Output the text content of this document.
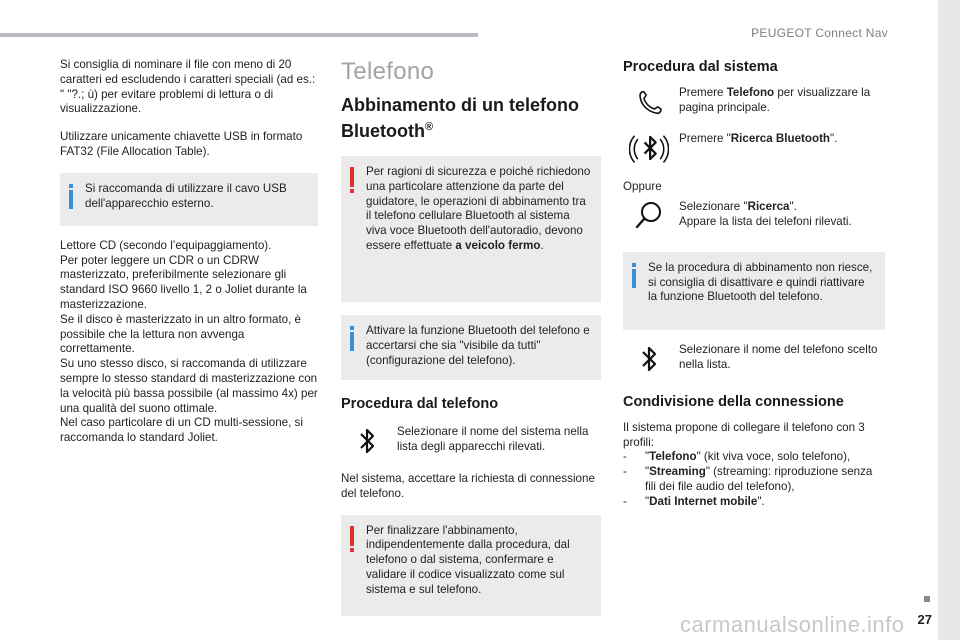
PEUGEOT Connect Nav
27
carmanualsonline.info

Si consiglia di nominare il file con meno di 20 caratteri ed escludendo i caratteri speciali (ad es.: " "?.; ù) per evitare problemi di lettura o di visualizzazione.

Utilizzare unicamente chiavette USB in formato FAT32 (File Allocation Table).

Si raccomanda di utilizzare il cavo USB dell'apparecchio esterno.

Lettore CD (secondo l’equipaggiamento).
Per poter leggere un CDR o un CDRW masterizzato, preferibilmente selezionare gli standard ISO 9660 livello 1, 2 o Joliet durante la masterizzazione.
Se il disco è masterizzato in un altro formato, è possibile che la lettura non avvenga correttamente.
Su uno stesso disco, si raccomanda di utilizzare sempre lo stesso standard di masterizzazione con la velocità più bassa possibile (al massimo 4x) per una qualità del suono ottimale.
Nel caso particolare di un CD multi-sessione, si raccomanda lo standard Joliet.

Telefono
Abbinamento di un telefono Bluetooth®
Per ragioni di sicurezza e poiché richiedono una particolare attenzione da parte del guidatore, le operazioni di abbinamento tra il telefono cellulare Bluetooth al sistema viva voce Bluetooth dell'autoradio, devono essere effettuate a veicolo fermo.
Attivare la funzione Bluetooth del telefono e accertarsi che sia "visibile da tutti" (configurazione del telefono).
Procedura dal telefono
Selezionare il nome del sistema nella lista degli apparecchi rilevati.

Nel sistema, accettare la richiesta di connessione del telefono.

Per finalizzare l'abbinamento, indipendentemente dalla procedura, dal telefono o dal sistema, confermare e validare il codice visualizzato come sul sistema e sul telefono.
Procedura dal sistema
Premere Telefono per visualizzare la pagina principale.
Premere "Ricerca Bluetooth".

Oppure

Selezionare "Ricerca".
Appare la lista dei telefoni rilevati.
Se la procedura di abbinamento non riesce, si consiglia di disattivare e quindi riattivare la funzione Bluetooth del telefono.
Selezionare il nome del telefono scelto nella lista.
Condivisione della connessione

Il sistema propone di collegare il telefono con 3 profili:

- "Telefono" (kit viva voce, solo telefono),
- "Streaming" (streaming: riproduzione senza fili dei file audio del telefono),
- "Dati Internet mobile".
